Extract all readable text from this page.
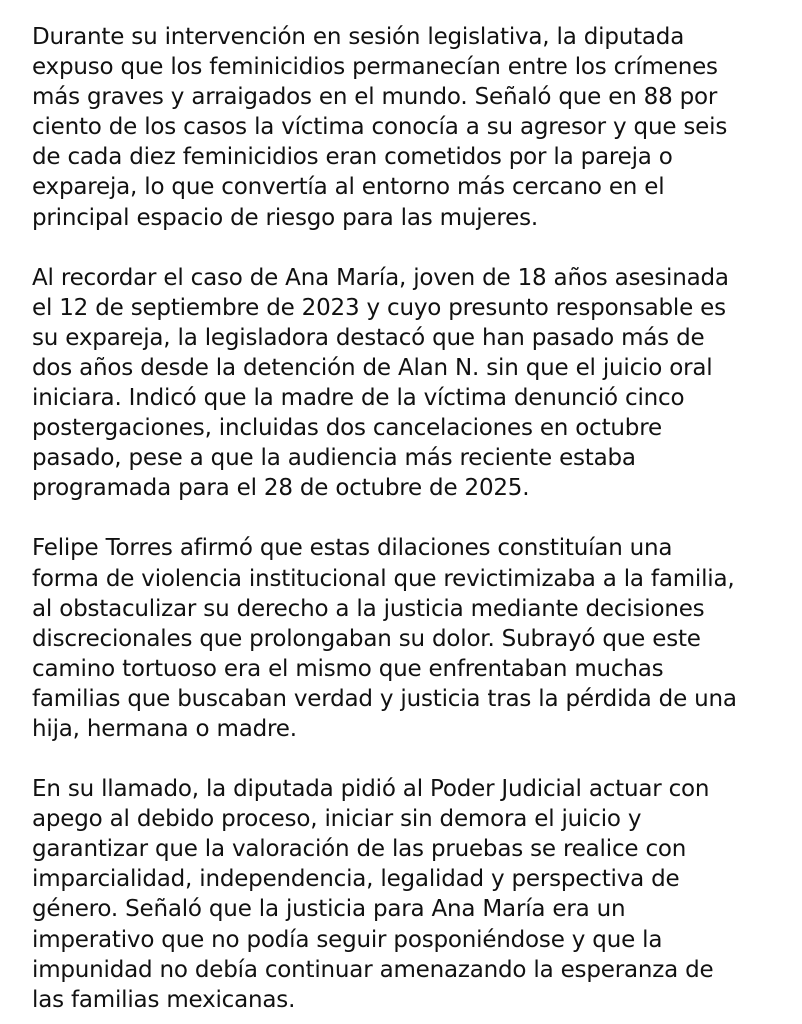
Durante su intervención en sesión legislativa, la diputada
expuso que los feminicidios permanecían entre los crímenes
más graves y arraigados en el mundo. Señaló que en 88 por
ciento de los casos la víctima conocía a su agresor y que seis
de cada diez feminicidios eran cometidos por la pareja o
expareja, lo que convertía al entorno más cercano en el
principal espacio de riesgo para las mujeres.

Al recordar el caso de Ana María, joven de 18 años asesinada
el 12 de septiembre de 2023 y cuyo presunto responsable es
su expareja, la legisladora destacó que han pasado más de
dos años desde la detención de Alan N. sin que el juicio oral
iniciara. Indicó que la madre de la víctima denunció cinco
postergaciones, incluidas dos cancelaciones en octubre
pasado, pese a que la audiencia más reciente estaba
programada para el 28 de octubre de 2025.

Felipe Torres afirmó que estas dilaciones constituían una
forma de violencia institucional que revictimizaba a la familia,
al obstaculizar su derecho a la justicia mediante decisiones
discrecionales que prolongaban su dolor. Subrayó que este
camino tortuoso era el mismo que enfrentaban muchas
familias que buscaban verdad y justicia tras la pérdida de una
hija, hermana o madre.

En su llamado, la diputada pidió al Poder Judicial actuar con
apego al debido proceso, iniciar sin demora el juicio y
garantizar que la valoración de las pruebas se realice con
imparcialidad, independencia, legalidad y perspectiva de
género. Señaló que la justicia para Ana María era un
imperativo que no podía seguir posponiéndose y que la
impunidad no debía continuar amenazando la esperanza de
las familias mexicanas.
